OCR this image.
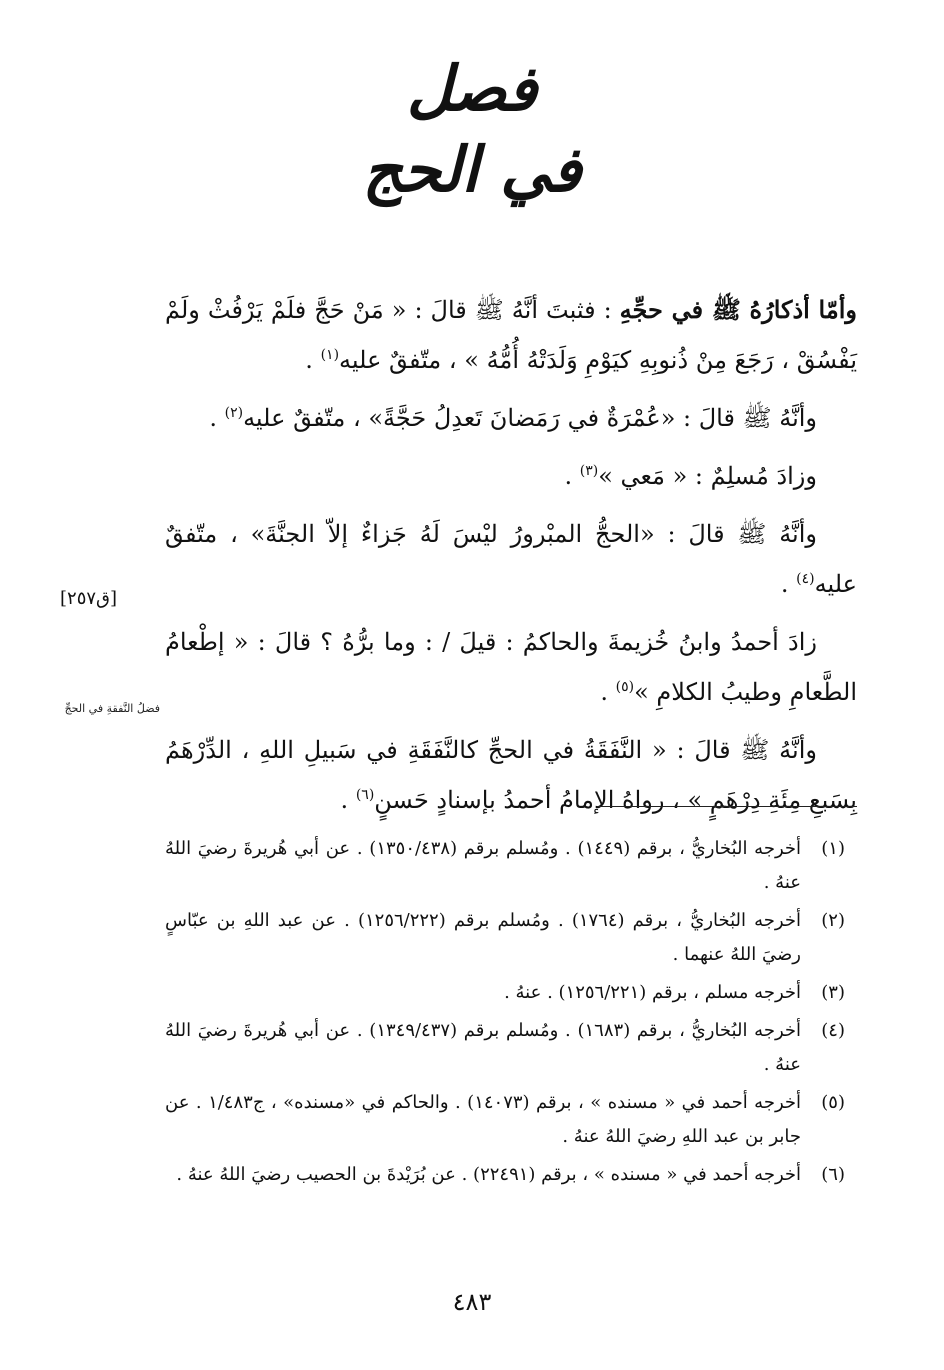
فصل
في الحج

وأمّا أذكارُهُ ﷺ في حجِّهِ : فثبتَ أنَّهُ ﷺ قالَ : « مَنْ حَجَّ فلَمْ يَرْفُثْ ولَمْ يَفْسُقْ ، رَجَعَ مِنْ ذُنوبِهِ كيَوْمِ وَلَدَتْهُ أُمُّهُ » ، متّفقٌ عليه$^{(١)}$ .

وأنَّهُ ﷺ قالَ : «عُمْرَةٌ في رَمَضانَ تَعدِلُ حَجَّةً» ، متّفقٌ عليه$^{(٢)}$ .

وزادَ مُسلِمٌ : « مَعي »$^{(٣)}$ .

وأنَّهُ ﷺ قالَ : «الحجُّ المبْرورُ ليْسَ لَهُ جَزاءٌ إلاّ الجنَّةَ» ، متّفقٌ عليه$^{(٤)}$ .

زادَ أحمدُ وابنُ خُزيمةَ والحاكمُ : قيلَ / : وما برُّهُ ؟ قالَ : « إطْعامُ الطَّعامِ وطيبُ الكلامِ »$^{(٥)}$ .

وأنَّهُ ﷺ قالَ : « النَّفَقَةُ في الحجِّ كالنَّفَقَةِ في سَبيلِ اللهِ ، الدِّرْهَمُ بِسَبعِ مِئَةِ دِرْهَمٍ » ، رواهُ الإمامُ أحمدُ بإسنادٍ حَسنٍ$^{(٦)}$ .

[ق٢٥٧]
فضلُ النَّفقةِ في الحجِّ
(١)
أخرجه البُخاريُّ ، برقم (١٤٤٩) . ومُسلم برقم (١٣٥٠/٤٣٨) . عن أبي هُريرةَ رضيَ اللهُ عنهُ .
(٢)
أخرجه البُخاريُّ ، برقم (١٧٦٤) . ومُسلم برقم (١٢٥٦/٢٢٢) . عن عبد اللهِ بن عبّاسٍ رضيَ اللهُ عنهما .
(٣)
أخرجه مسلم ، برقم (١٢٥٦/٢٢١) . عنهُ .
(٤)
أخرجه البُخاريُّ ، برقم (١٦٨٣) . ومُسلم برقم (١٣٤٩/٤٣٧) . عن أبي هُريرةَ رضيَ اللهُ عنهُ .
(٥)
أخرجه أحمد في « مسنده » ، برقم (١٤٠٧٣) . والحاكم في «مسنده» ، ج١/٤٨٣ . عن جابر بن عبد اللهِ رضيَ اللهُ عنهُ .
(٦)
أخرجه أحمد في « مسنده » ، برقم (٢٢٤٩١) . عن بُرَيْدةَ بن الحصيب رضيَ اللهُ عنهُ .
٤٨٣
